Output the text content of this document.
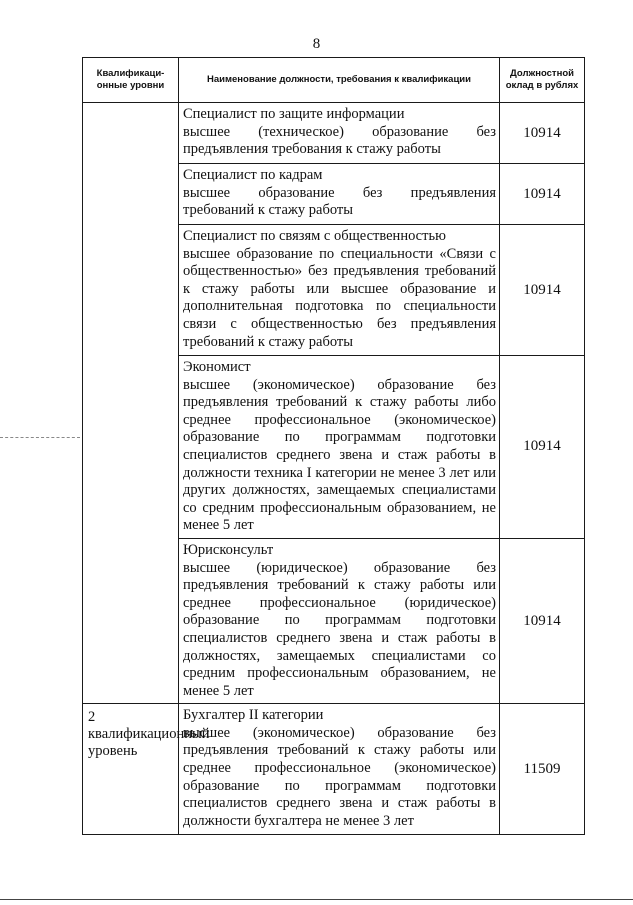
8
Квалификаци-онные уровни	Наименование должности, требования к квалификации	Должностной оклад в рублях

	Специалист по защите информации
высшее (техническое) образование без предъявления требования к стажу работы	10914

	Специалист по кадрам
высшее образование без предъявления требований к стажу работы	10914

	Специалист по связям с общественностью
высшее образование по специальности «Связи с общественностью» без предъявления требований к стажу работы или высшее образование и дополнительная подготовка по специальности связи с общественностью без предъявления требований к стажу работы	10914

	Экономист
высшее (экономическое) образование без предъявления требований к стажу работы либо среднее профессиональное (экономическое) образование по программам подготовки специалистов среднего звена и стаж работы в должности техника I категории не менее 3 лет или других должностях, замещаемых специалистами со средним профессиональным образованием, не менее 5 лет	10914

	Юрисконсульт
высшее (юридическое) образование без предъявления требований к стажу работы или среднее профессиональное (юридическое) образование по программам подготовки специалистов среднего звена и стаж работы в должностях, замещаемых специалистами со средним профессиональным образованием, не менее 5 лет	10914
2 квалификационный уровень	Бухгалтер II категории
высшее (экономическое) образование без предъявления требований к стажу работы или среднее профессиональное (экономическое) образование по программам подготовки специалистов среднего звена и стаж работы в должности бухгалтера не менее 3 лет	11509
